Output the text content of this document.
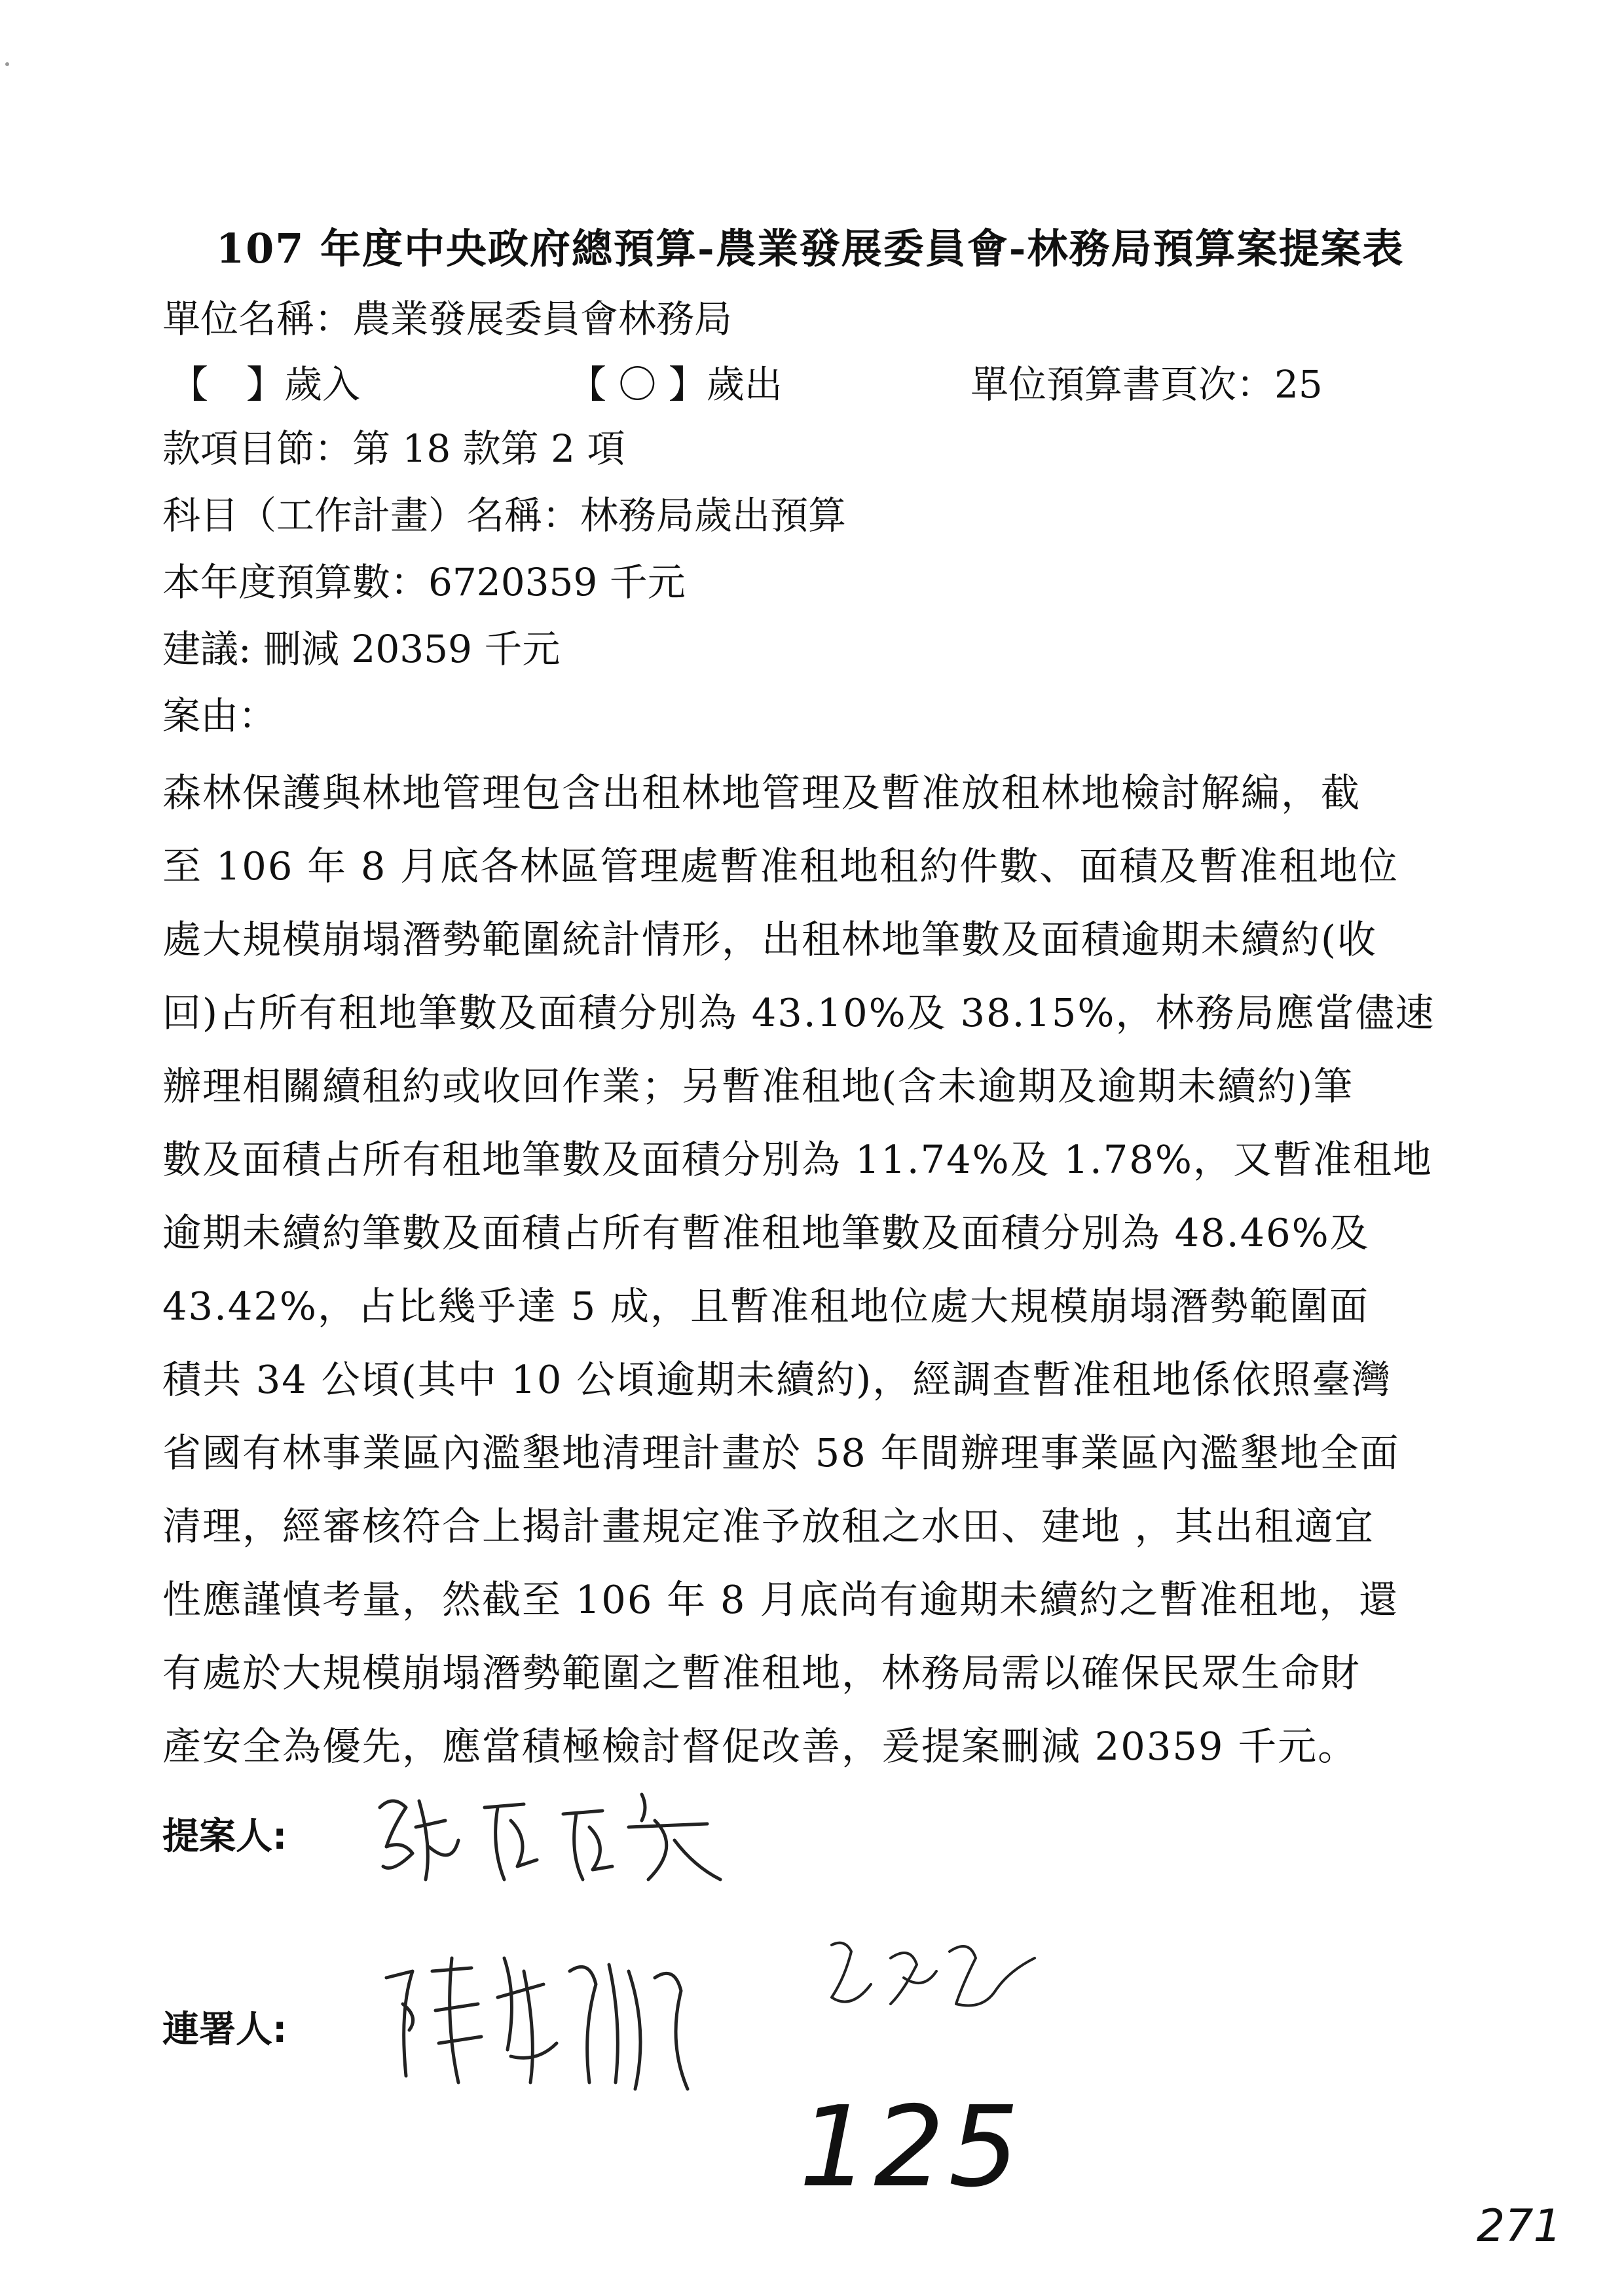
107 年度中央政府總預算-農業發展委員會-林務局預算案提案表
單位名稱：農業發展委員會林務局
【　】歲入	【 〇 】歲出	單位預算書頁次：25
款項目節：第 18 款第 2 項
科目（工作計畫）名稱：林務局歲出預算
本年度預算數：6720359 千元
建議: 刪減 20359 千元
案由：
森林保護與林地管理包含出租林地管理及暫准放租林地檢討解編，截
至 106 年 8 月底各林區管理處暫准租地租約件數、面積及暫准租地位
處大規模崩塌潛勢範圍統計情形，出租林地筆數及面積逾期未續約(收
回)占所有租地筆數及面積分別為 43.10%及 38.15%，林務局應當儘速
辦理相關續租約或收回作業；另暫准租地(含未逾期及逾期未續約)筆
數及面積占所有租地筆數及面積分別為 11.74%及 1.78%，又暫准租地
逾期未續約筆數及面積占所有暫准租地筆數及面積分別為 48.46%及
43.42%，占比幾乎達 5 成，且暫准租地位處大規模崩塌潛勢範圍面
積共 34 公頃(其中 10 公頃逾期未續約)，經調查暫准租地係依照臺灣
省國有林事業區內濫墾地清理計畫於 58 年間辦理事業區內濫墾地全面
清理，經審核符合上揭計畫規定准予放租之水田、建地 ，其出租適宜
性應謹慎考量，然截至 106 年 8 月底尚有逾期未續約之暫准租地，還
有處於大規模崩塌潛勢範圍之暫准租地，林務局需以確保民眾生命財
產安全為優先，應當積極檢討督促改善，爰提案刪減 20359 千元。
提案人:
連署人:
125
271
